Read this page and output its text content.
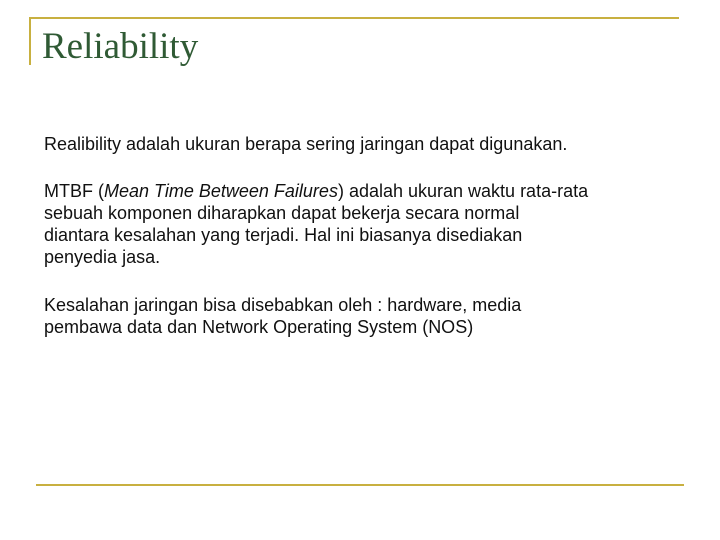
Reliability

Realibility adalah ukuran berapa sering jaringan dapat digunakan.

MTBF (Mean Time Between Failures) adalah ukuran waktu rata-rata
sebuah komponen diharapkan dapat bekerja secara normal
diantara kesalahan yang terjadi. Hal ini biasanya disediakan
penyedia jasa.

Kesalahan jaringan bisa disebabkan oleh : hardware, media
pembawa data dan Network Operating System (NOS)
